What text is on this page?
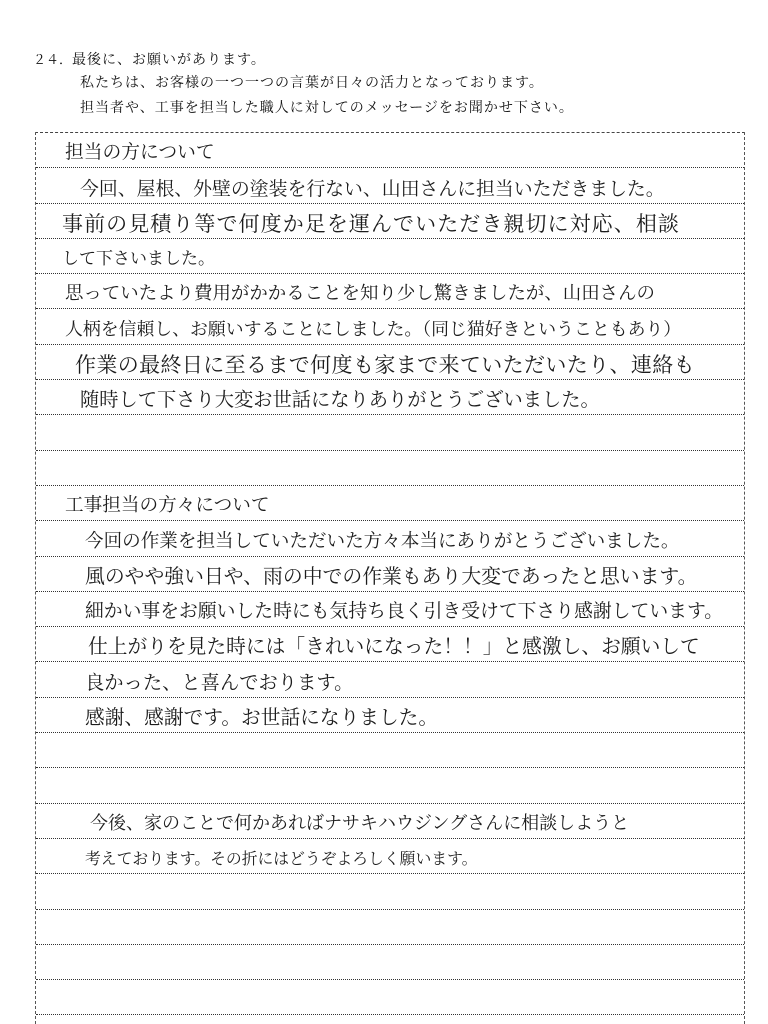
２４．最後に、お願いがあります。
私たちは、お客様の一つ一つの言葉が日々の活力となっております。
担当者や、工事を担当した職人に対してのメッセージをお聞かせ下さい。
担当の方について
今回、屋根、外壁の塗装を行ない、山田さんに担当いただきました。
事前の見積り等で何度か足を運んでいただき親切に対応、相談
して下さいました。
思っていたより費用がかかることを知り少し驚きましたが、山田さんの
人柄を信頼し、お願いすることにしました。（同じ猫好きということもあり）
作業の最終日に至るまで何度も家まで来ていただいたり、連絡も
随時して下さり大変お世話になりありがとうございました。
工事担当の方々について
今回の作業を担当していただいた方々本当にありがとうございました。
風のやや強い日や、雨の中での作業もあり大変であったと思います。
細かい事をお願いした時にも気持ち良く引き受けて下さり感謝しています。
仕上がりを見た時には「きれいになった！！」と感激し、お願いして
良かった、と喜んでおります。
感謝、感謝です。お世話になりました。
今後、家のことで何かあればナサキハウジングさんに相談しようと
考えております。その折にはどうぞよろしく願います。
